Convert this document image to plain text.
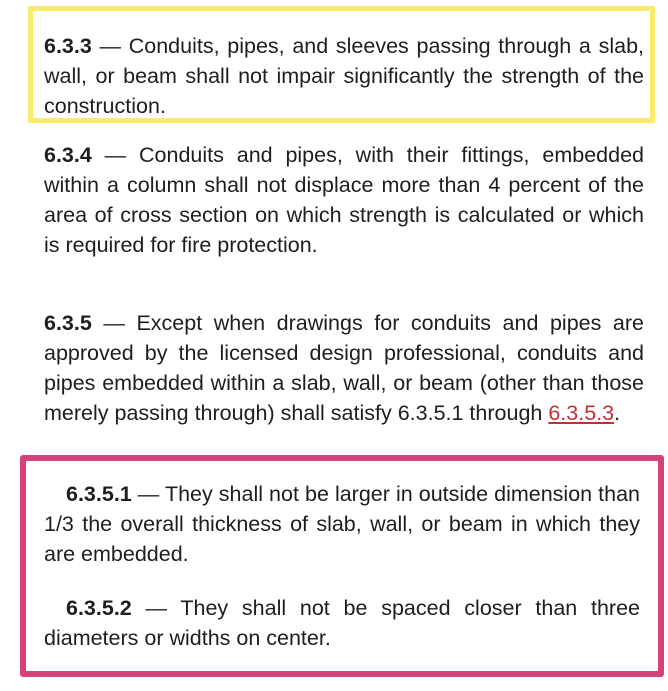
6.3.3 — Conduits, pipes, and sleeves passing through a slab, wall, or beam shall not impair significantly the strength of the construction.
6.3.4 — Conduits and pipes, with their fittings, embedded within a column shall not displace more than 4 percent of the area of cross section on which strength is calculated or which is required for fire protection.
6.3.5 — Except when drawings for conduits and pipes are approved by the licensed design professional, conduits and pipes embedded within a slab, wall, or beam (other than those merely passing through) shall satisfy 6.3.5.1 through 6.3.5.3.
6.3.5.1 — They shall not be larger in outside dimension than 1/3 the overall thickness of slab, wall, or beam in which they are embedded.
6.3.5.2 — They shall not be spaced closer than three diameters or widths on center.
